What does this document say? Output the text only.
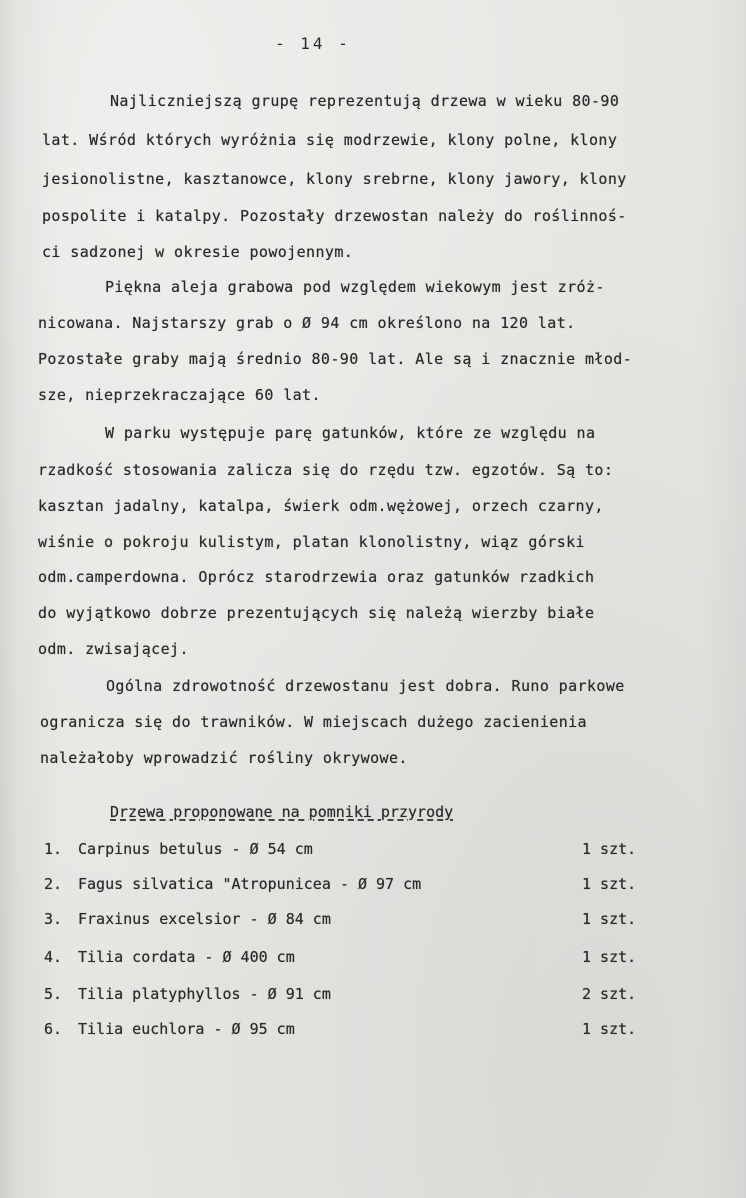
- 14 -
Najliczniejszą grupę reprezentują drzewa w wieku 80-90
lat. Wśród których wyróżnia się modrzewie, klony polne, klony
jesionolistne, kasztanowce, klony srebrne, klony jawory, klony
pospolite i katalpy. Pozostały drzewostan należy do roślinnoś-
ci sadzonej w okresie powojennym.
Piękna aleja grabowa pod względem wiekowym jest zróż-
nicowana. Najstarszy grab o Ø 94 cm określono na 120 lat.
Pozostałe graby mają średnio 80-90 lat. Ale są i znacznie młod-
sze, nieprzekraczające 60 lat.
W parku występuje parę gatunków, które ze względu na
rzadkość stosowania zalicza się do rzędu tzw. egzotów. Są to:
kasztan jadalny, katalpa, świerk odm.wężowej, orzech czarny,
wiśnie o pokroju kulistym, platan klonolistny, wiąz górski
odm.camperdowna. Oprócz starodrzewia oraz gatunków rzadkich
do wyjątkowo dobrze prezentujących się należą wierzby białe
odm. zwisającej.
Ogólna zdrowotność drzewostanu jest dobra. Runo parkowe
ogranicza się do trawników. W miejscach dużego zacienienia
należałoby wprowadzić rośliny okrywowe.
Drzewa proponowane na pomniki przyrody
1. Carpinus betulus - Ø 54 cm	1 szt.
2. Fagus silvatica "Atropunicea - Ø 97 cm	1 szt.
3. Fraxinus excelsior - Ø 84 cm	1 szt.
4. Tilia cordata - Ø 400 cm	1 szt.
5. Tilia platyphyllos - Ø 91 cm	2 szt.
6. Tilia euchlora - Ø 95 cm	1 szt.
